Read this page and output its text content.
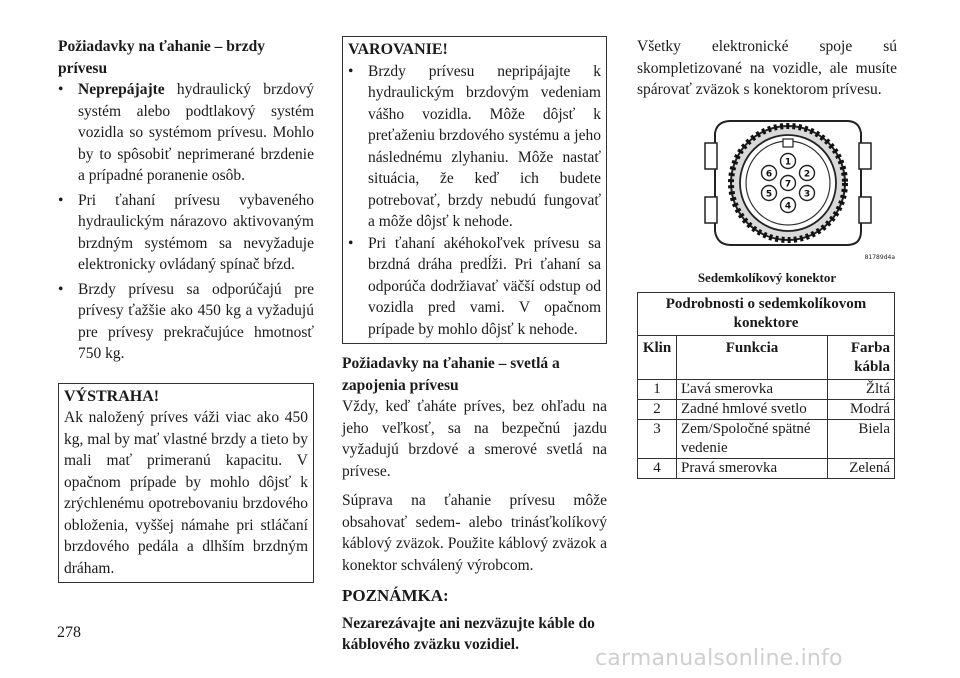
Požiadavky na ťahanie – brzdy prívesu
• Neprepájajte hydraulický brzdový systém alebo podtlakový systém vozidla so systémom prívesu. Mohlo by to spôsobiť neprimerané brzdenie a prípadné poranenie osôb.
• Pri ťahaní prívesu vybaveného hydraulickým nárazovo aktivovaným brzdným systémom sa nevyžaduje elektronicky ovládaný spínač bŕzd.
• Brzdy prívesu sa odporúčajú pre prívesy ťažšie ako 450 kg a vyžadujú pre prívesy prekračujúce hmotnosť 750 kg.
VÝSTRAHA!

Ak naložený príves váži viac ako 450 kg, mal by mať vlastné brzdy a tieto by mali mať primeranú kapacitu. V opačnom prípade by mohlo dôjsť k zrýchlenému opotrebovaniu brzdového obloženia, vyššej námahe pri stláčaní brzdového pedála a dlhším brzdným dráham.

VAROVANIE!
• Brzdy prívesu nepripájajte k hydraulickým brzdovým vedeniam vášho vozidla. Môže dôjsť k preťaženiu brzdového systému a jeho následnému zlyhaniu. Môže nastať situácia, že keď ich budete potrebovať, brzdy nebudú fungovať a môže dôjsť k nehode.
• Pri ťahaní akéhokoľvek prívesu sa brzdná dráha predĺži. Pri ťahaní sa odporúča dodržiavať väčší odstup od vozidla pred vami. V opačnom prípade by mohlo dôjsť k nehode.
Požiadavky na ťahanie – svetlá a zapojenia prívesu

Vždy, keď ťaháte príves, bez ohľadu na jeho veľkosť, sa na bezpečnú jazdu vyžadujú brzdové a smerové svetlá na prívese.

Súprava na ťahanie prívesu môže obsahovať sedem- alebo trinásťkolíkový káblový zväzok. Použite káblový zväzok a konektor schválený výrobcom.

POZNÁMKA:

Nezarezávajte ani nezväzujte káble do káblového zväzku vozidiel.

Všetky elektronické spoje sú skompletizované na vozidle, ale musíte spárovať zväzok s konektorom prívesu.

1
2
3
4
5
6
7
81789d4a
Sedemkolíkový konektor
Podrobnosti o sedemkolíkovom konektore		
Klin	Funkcia	Farba kábla
1	Ľavá smerovka	Žltá
2	Zadné hmlové svetlo	Modrá
3	Zem/Spoločné spätné vedenie	Biela
4	Pravá smerovka	Zelená
278
carmanualsonline.info
